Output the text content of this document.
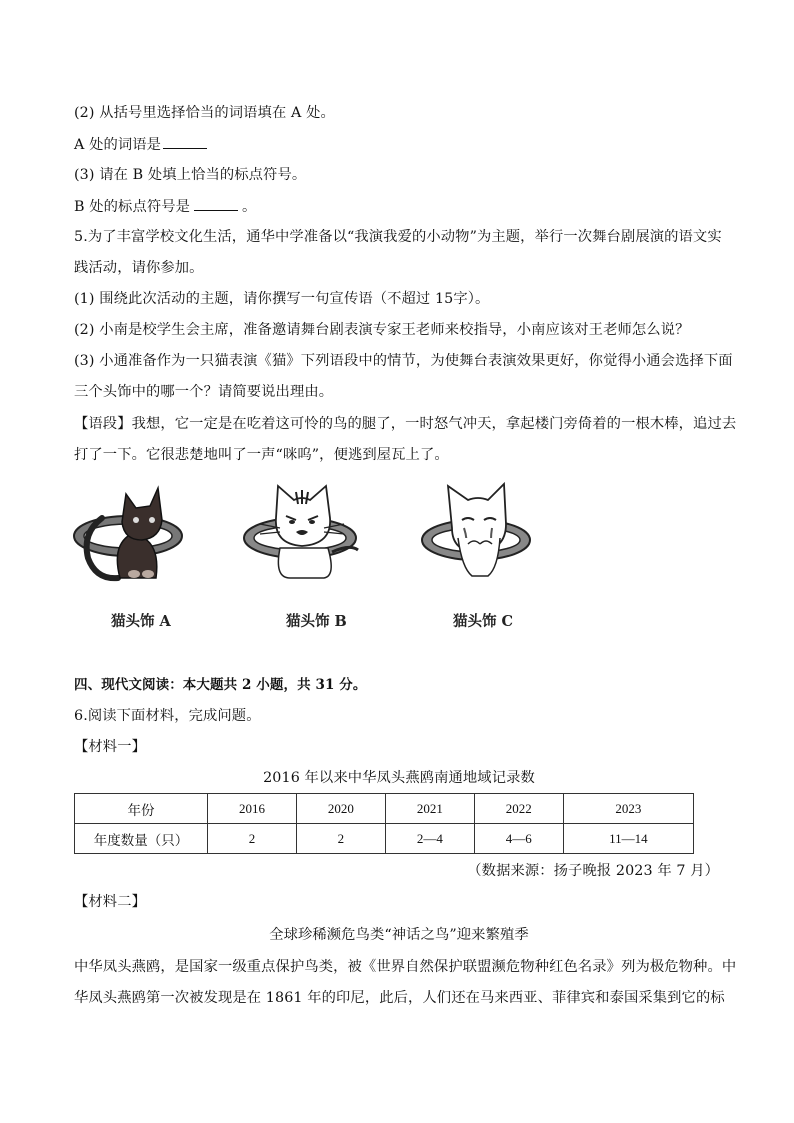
(2) 从括号里选择恰当的词语填在 A 处。
A 处的词语是
(3) 请在 B 处填上恰当的标点符号。
B 处的标点符号是	。
5.为了丰富学校文化生活，通华中学准备以“我演我爱的小动物”为主题，举行一次舞台剧展演的语文实
践活动，请你参加。
(1) 围绕此次活动的主题，请你撰写一句宣传语（不超过 15字）。
(2) 小南是校学生会主席，准备邀请舞台剧表演专家王老师来校指导，小南应该对王老师怎么说？
(3) 小通准备作为一只猫表演《猫》下列语段中的情节，为使舞台表演效果更好，你觉得小通会选择下面
三个头饰中的哪一个？请简要说出理由。
【语段】我想，它一定是在吃着这可怜的鸟的腿了，一时怒气冲天，拿起楼门旁倚着的一根木棒，追过去
打了一下。它很悲楚地叫了一声“咪呜”，便逃到屋瓦上了。
猫头饰 A	猫头饰 B	猫头饰 C
四、现代文阅读：本大题共 2 小题，共 31 分。
6.阅读下面材料，完成问题。
【材料一】
2016 年以来中华凤头燕鸥南通地域记录数
年份	2016	2020	2021	2022	2023
年度数量（只）	2	2	2—4	4—6	11—14
（数据来源：扬子晚报 2023 年 7 月）
【材料二】
全球珍稀濒危鸟类“神话之鸟”迎来繁殖季
中华凤头燕鸥，是国家一级重点保护鸟类，被《世界自然保护联盟濒危物种红色名录》列为极危物种。中
华凤头燕鸥第一次被发现是在 1861 年的印尼，此后，人们还在马来西亚、菲律宾和泰国采集到它的标
